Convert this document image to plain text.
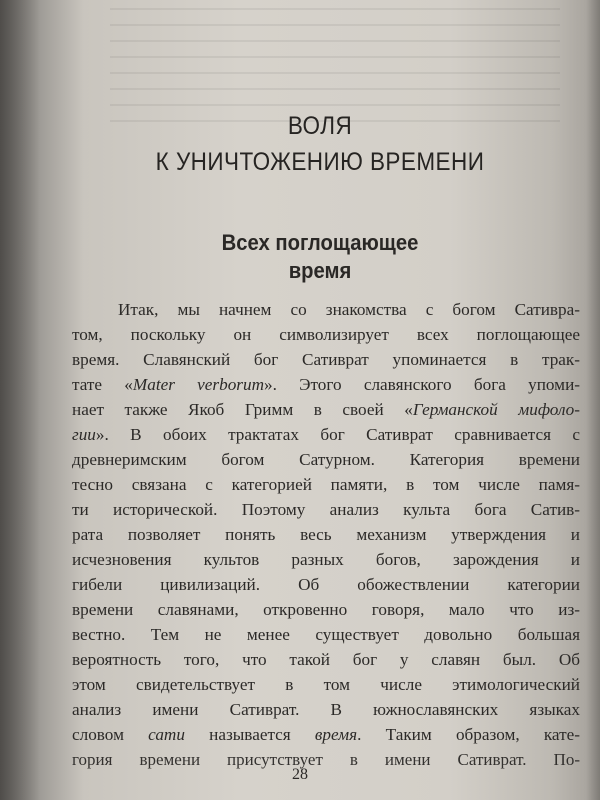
ВОЛЯ
К УНИЧТОЖЕНИЮ ВРЕМЕНИ
Всех поглощающее
время
Итак, мы начнем со знакомства с богом Сативра-
том, поскольку он символизирует всех поглощающее
время. Славянский бог Сативрат упоминается в трак-
тате «Mater verborum». Этого славянского бога упоми-
нает также Якоб Гримм в своей «Германской мифоло-
гии». В обоих трактатах бог Сативрат сравнивается с
древнеримским богом Сатурном. Категория времени
тесно связана с категорией памяти, в том числе памя-
ти исторической. Поэтому анализ культа бога Сатив-
рата позволяет понять весь механизм утверждения и
исчезновения культов разных богов, зарождения и
гибели цивилизаций. Об обожествлении категории
времени славянами, откровенно говоря, мало что из-
вестно. Тем не менее существует довольно большая
вероятность того, что такой бог у славян был. Об
этом свидетельствует в том числе этимологический
анализ имени Сативрат. В южнославянских языках
словом сати называется время. Таким образом, кате-
гория времени присутствует в имени Сативрат. По-
28
